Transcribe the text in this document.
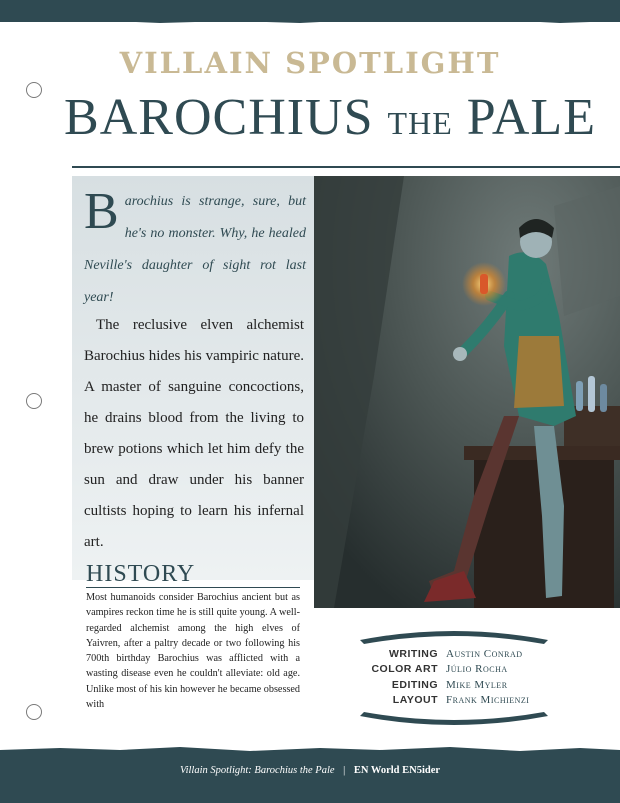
VILLAIN SPOTLIGHT
BAROCHIUS THE PALE
B arochius is strange, sure, but he's no monster. Why, he healed Neville's daughter of sight rot last year!

The reclusive elven alchemist Barochius hides his vampiric nature. A master of sanguine concoctions, he drains blood from the living to brew potions which let him defy the sun and draw under his banner cultists hoping to learn his infernal art.

HISTORY

Most humanoids consider Barochius ancient but as vampires reckon time he is still quite young. A well-regarded alchemist among the high elves of Yaivren, after a paltry decade or two following his 700th birthday Barochius was afflicted with a wasting disease even he couldn't alleviate: old age. Unlike most of his kin however he became obsessed with

WRITING Austin Conrad
COLOR ART Júlio Rocha
EDITING Mike Myler
LAYOUT Frank Michienzi
Villain Spotlight: Barochius the Pale | EN World EN5ider
